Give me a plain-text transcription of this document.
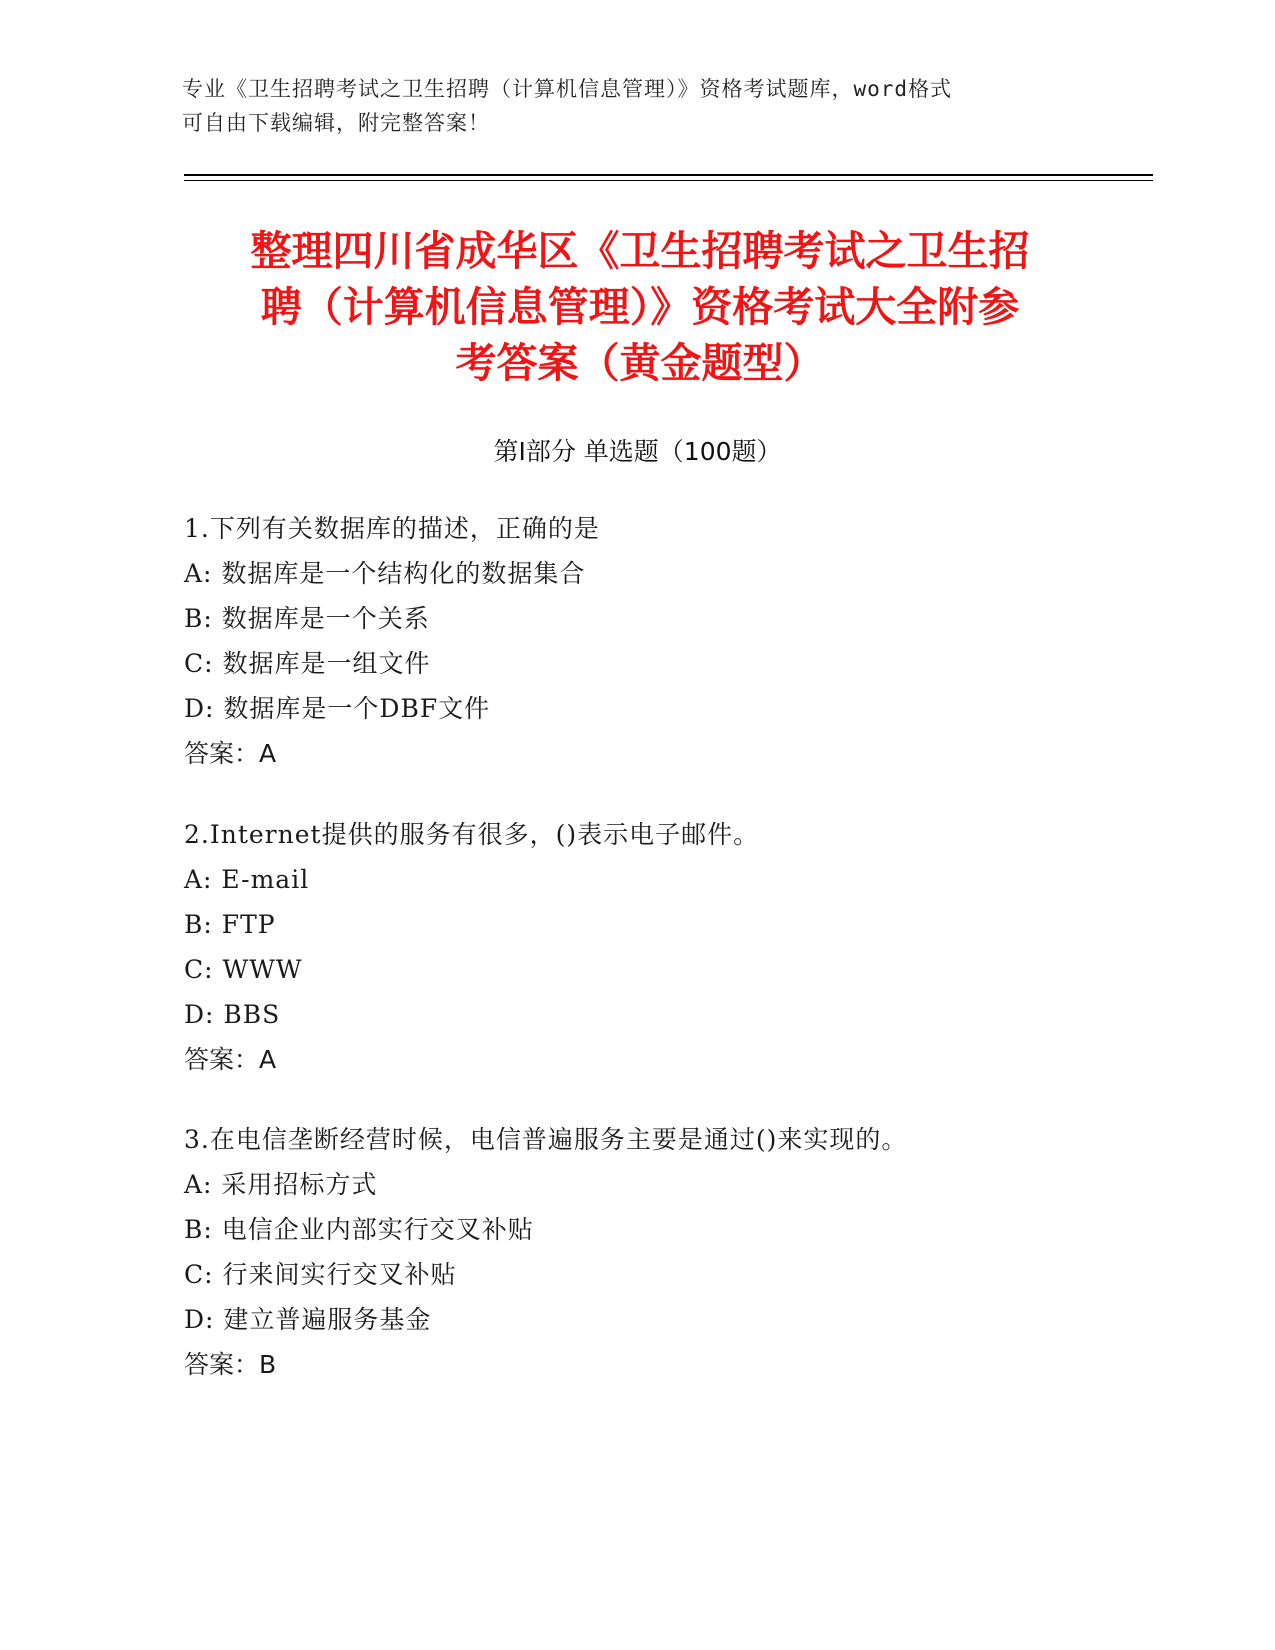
专业《卫生招聘考试之卫生招聘（计算机信息管理）》资格考试题库，word格式
可自由下载编辑，附完整答案！
整理四川省成华区《卫生招聘考试之卫生招
聘（计算机信息管理）》资格考试大全附参
考答案（黄金题型）
第Ⅰ部分 单选题（100题）
1.下列有关数据库的描述，正确的是
A: 数据库是一个结构化的数据集合
B: 数据库是一个关系
C: 数据库是一组文件
D: 数据库是一个DBF文件
答案：A
2.Internet提供的服务有很多，()表示电子邮件。
A: E-mail
B: FTP
C: WWW
D: BBS
答案：A
3.在电信垄断经营时候，电信普遍服务主要是通过()来实现的。
A: 采用招标方式
B: 电信企业内部实行交叉补贴
C: 行来间实行交叉补贴
D: 建立普遍服务基金
答案：B
